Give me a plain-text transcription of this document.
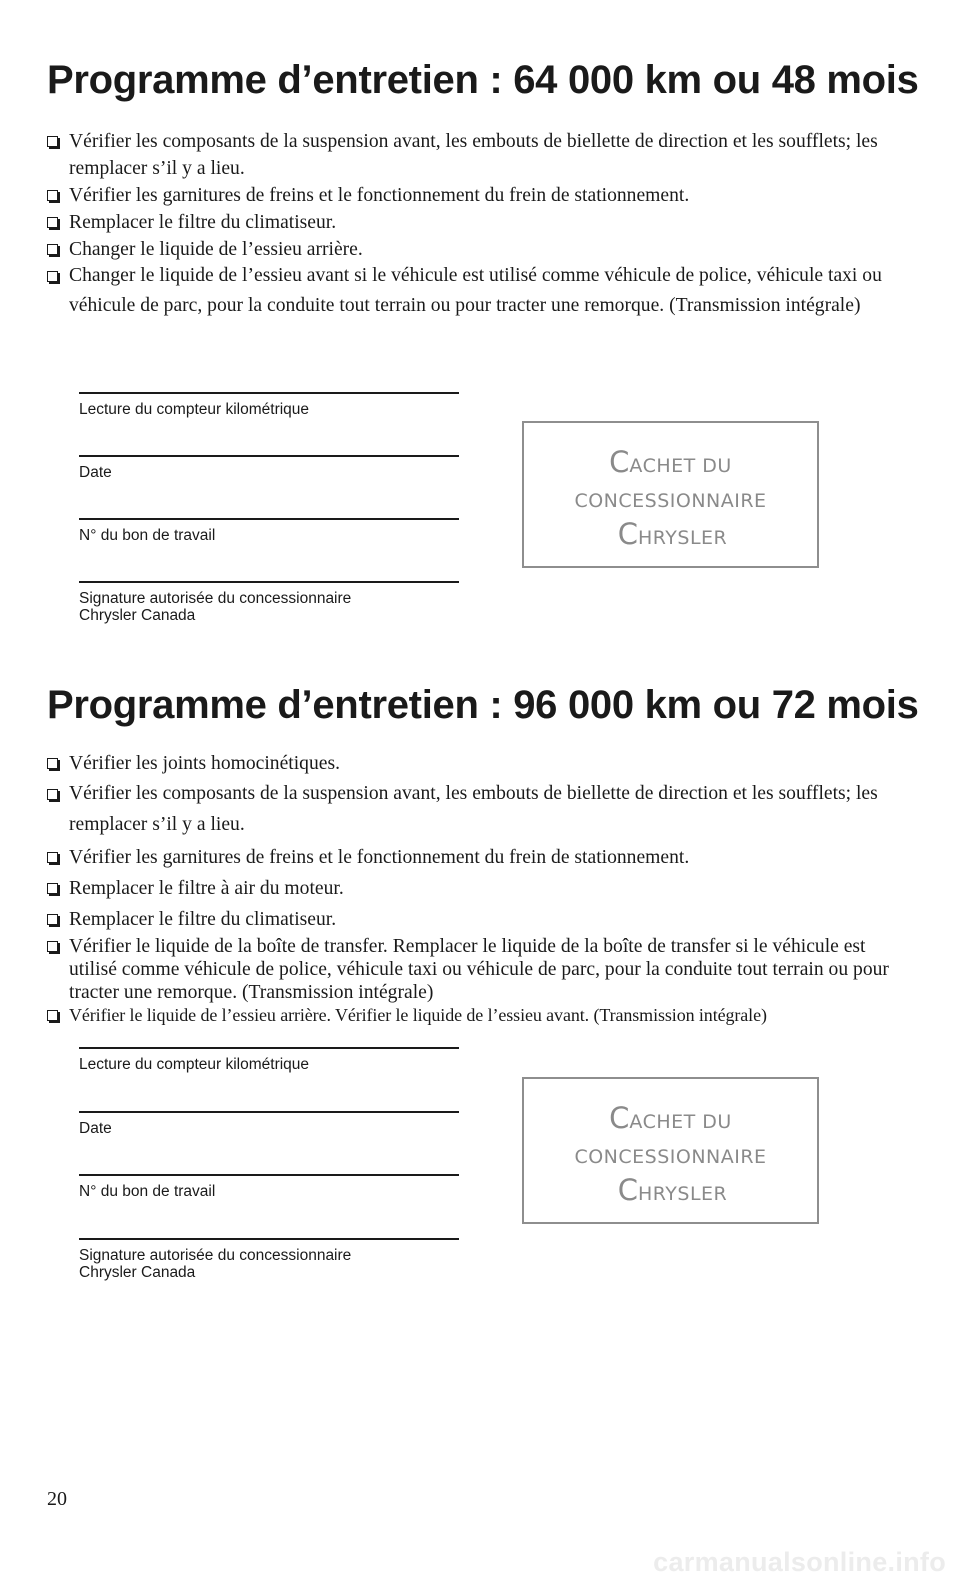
Programme d’entretien : 64 000 km ou 48 mois
Vérifier les composants de la suspension avant, les embouts de biellette de direction et les soufflets; les remplacer s’il y a lieu.
Vérifier les garnitures de freins et le fonctionnement du frein de stationnement.
Remplacer le filtre du climatiseur.
Changer le liquide de l’essieu arrière.
Changer le liquide de l’essieu avant si le véhicule est utilisé comme véhicule de police, véhicule taxi ou véhicule de parc, pour la conduite tout terrain ou pour tracter une remorque. (Transmission intégrale)
Lecture du compteur kilométrique
Date
N° du bon de travail
Signature autorisée du concessionnaire
Chrysler Canada
CACHET DU
CONCESSIONNAIRE
CHRYSLER
Programme d’entretien : 96 000 km ou 72 mois
Vérifier les joints homocinétiques.
Vérifier les composants de la suspension avant, les embouts de biellette de direction et les soufflets; les remplacer s’il y a lieu.
Vérifier les garnitures de freins et le fonctionnement du frein de stationnement.
Remplacer le filtre à air du moteur.
Remplacer le filtre du climatiseur.
Vérifier le liquide de la boîte de transfer. Remplacer le liquide de la boîte de transfer si le véhicule est utilisé comme véhicule de police, véhicule taxi ou véhicule de parc, pour la conduite tout terrain ou pour tracter une remorque. (Transmission intégrale)
Vérifier le liquide de l’essieu arrière. Vérifier le liquide de l’essieu avant. (Transmission intégrale)
Lecture du compteur kilométrique
Date
N° du bon de travail
Signature autorisée du concessionnaire
Chrysler Canada
CACHET DU
CONCESSIONNAIRE
CHRYSLER
20
carmanualsonline.info
